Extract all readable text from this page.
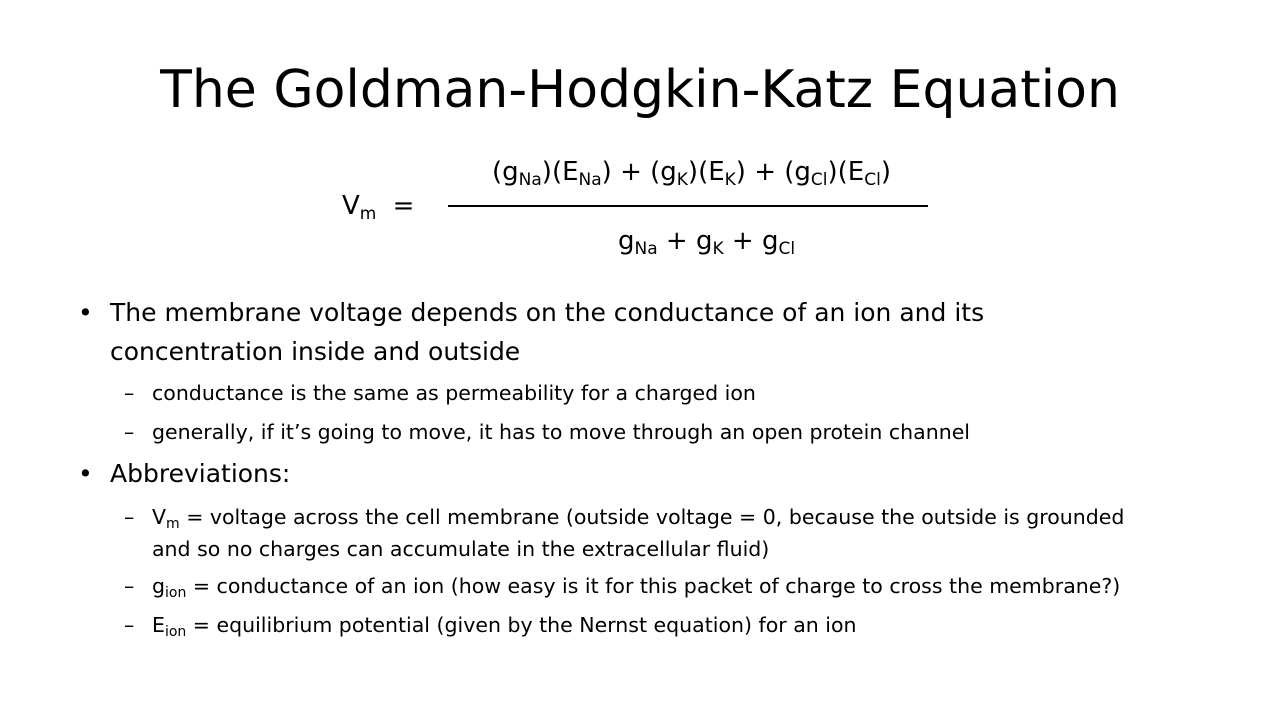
The Goldman-Hodgkin-Katz Equation
$V_m$ =
$(g_{Na})(E_{Na}) + (g_K)(E_K) + (g_{Cl})(E_{Cl})$
$g_{Na} + g_K + g_{Cl}$
• The membrane voltage depends on the conductance of an ion and its
concentration inside and outside
– conductance is the same as permeability for a charged ion
– generally, if it’s going to move, it has to move through an open protein channel
• Abbreviations:
– $V_m$ = voltage across the cell membrane (outside voltage = 0, because the outside is grounded
and so no charges can accumulate in the extracellular fluid)
– $g_{ion}$ = conductance of an ion (how easy is it for this packet of charge to cross the membrane?)
– $E_{ion}$ = equilibrium potential (given by the Nernst equation) for an ion
